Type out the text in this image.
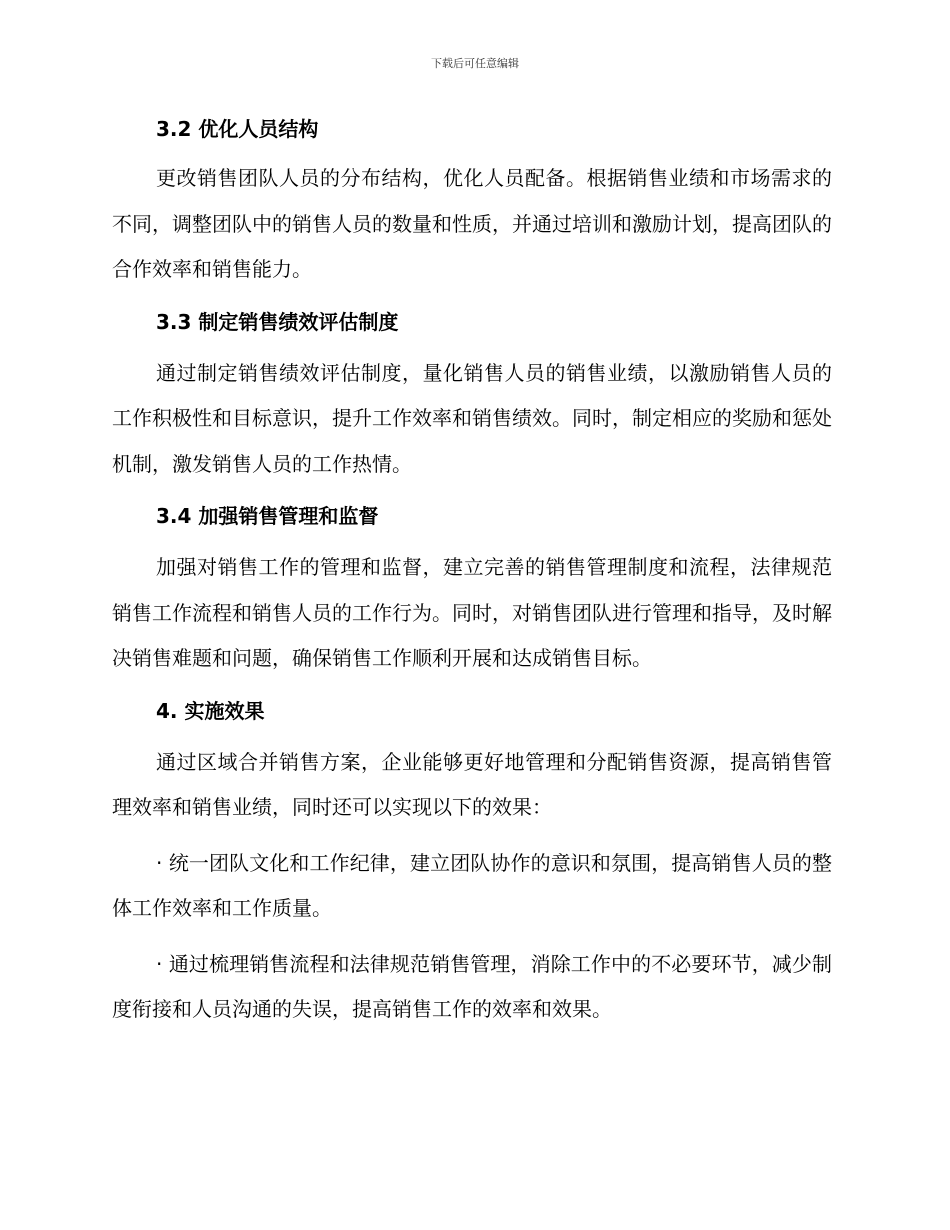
下载后可任意编辑
3.2 优化人员结构

更改销售团队人员的分布结构，优化人员配备。根据销售业绩和市场需求的不同，调整团队中的销售人员的数量和性质，并通过培训和激励计划，提高团队的合作效率和销售能力。

3.3 制定销售绩效评估制度

通过制定销售绩效评估制度，量化销售人员的销售业绩，以激励销售人员的工作积极性和目标意识，提升工作效率和销售绩效。同时，制定相应的奖励和惩处机制，激发销售人员的工作热情。

3.4 加强销售管理和监督

加强对销售工作的管理和监督，建立完善的销售管理制度和流程，法律规范销售工作流程和销售人员的工作行为。同时，对销售团队进行管理和指导，及时解决销售难题和问题，确保销售工作顺利开展和达成销售目标。

4. 实施效果

通过区域合并销售方案，企业能够更好地管理和分配销售资源，提高销售管理效率和销售业绩，同时还可以实现以下的效果：

· 统一团队文化和工作纪律，建立团队协作的意识和氛围，提高销售人员的整体工作效率和工作质量。

· 通过梳理销售流程和法律规范销售管理，消除工作中的不必要环节，减少制度衔接和人员沟通的失误，提高销售工作的效率和效果。
